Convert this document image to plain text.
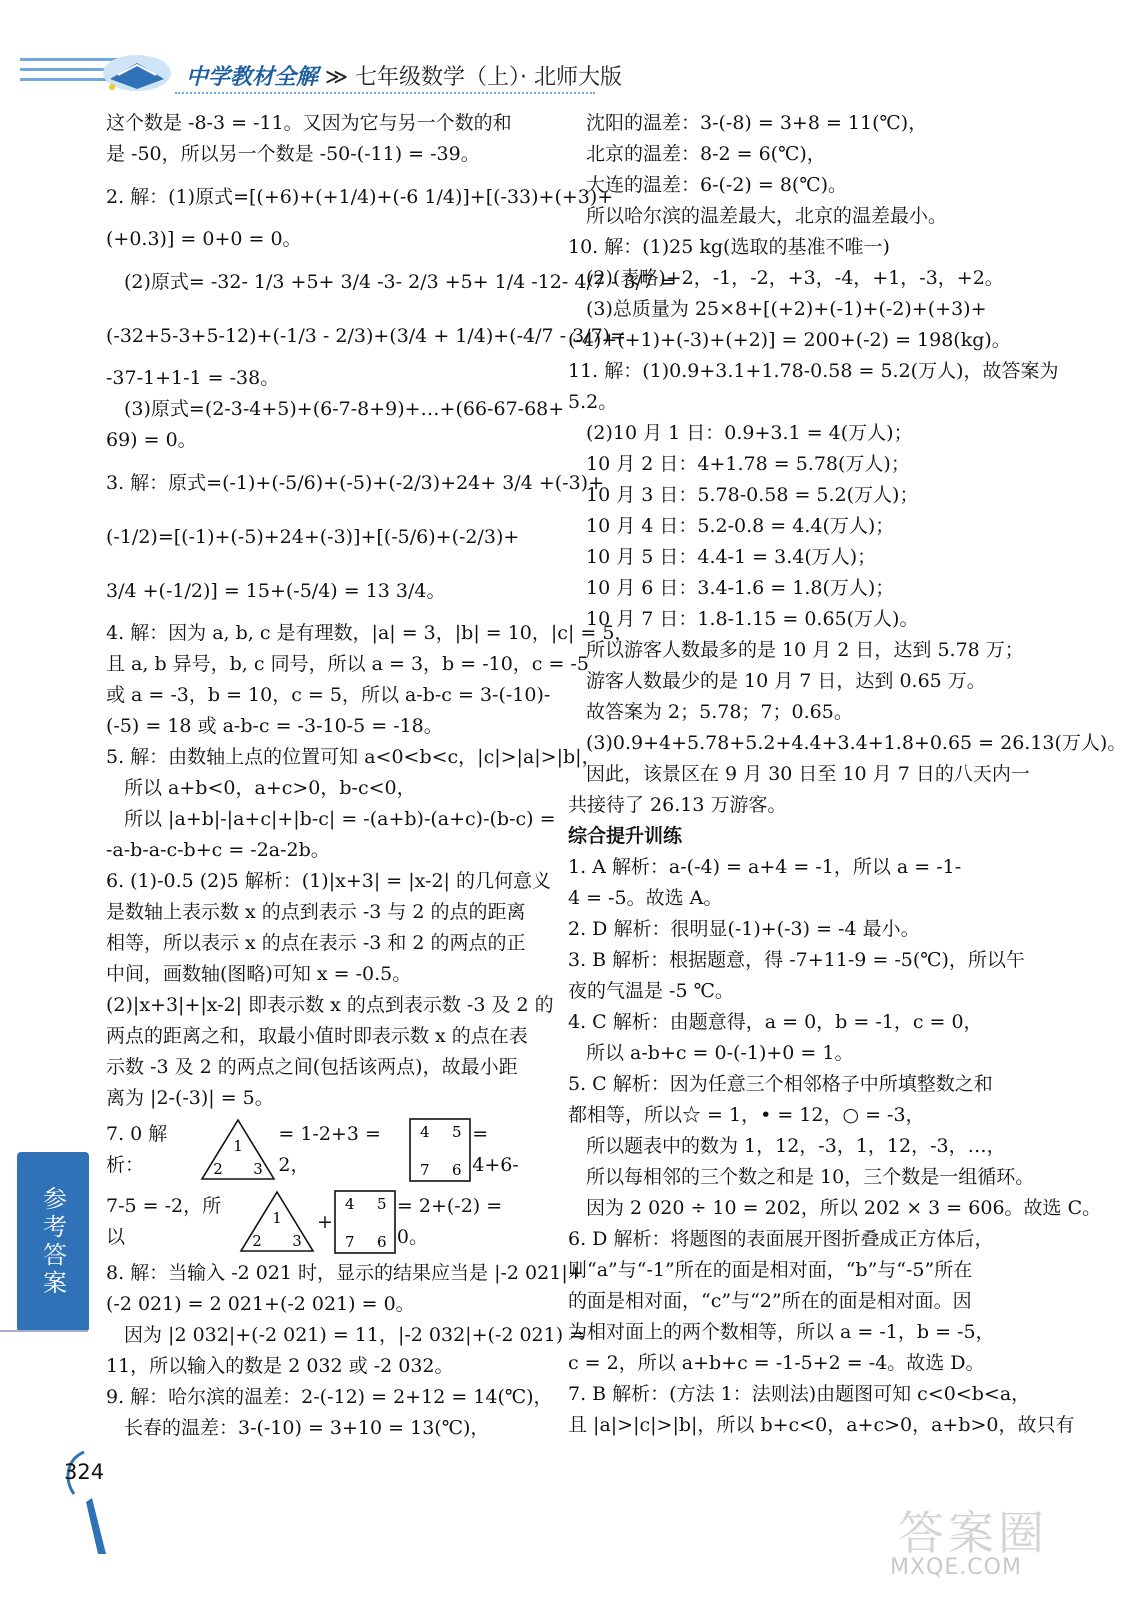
中学教材全解 ≫ 七年级数学（上）· 北师大版
这个数是 -8-3 = -11。又因为它与另一个数的和
是 -50，所以另一个数是 -50-(-11) = -39。
2. 解：(1)原式=[(+6)+(+1/4)+(-6 1/4)]+[(-33)+(+3)+
(+0.3)] = 0+0 = 0。
(2)原式= -32- 1/3 +5+ 3/4 -3- 2/3 +5+ 1/4 -12- 4/7 - 3/7 =
(-32+5-3+5-12)+(-1/3 - 2/3)+(3/4 + 1/4)+(-4/7 - 3/7)=
-37-1+1-1 = -38。
(3)原式=(2-3-4+5)+(6-7-8+9)+…+(66-67-68+
69) = 0。
3. 解：原式=(-1)+(-5/6)+(-5)+(-2/3)+24+ 3/4 +(-3)+
(-1/2)=[(-1)+(-5)+24+(-3)]+[(-5/6)+(-2/3)+
3/4 +(-1/2)] = 15+(-5/4) = 13 3/4。
4. 解：因为 a, b, c 是有理数，|a| = 3，|b| = 10，|c| = 5，
且 a, b 异号，b, c 同号，所以 a = 3，b = -10，c = -5
或 a = -3，b = 10，c = 5，所以 a-b-c = 3-(-10)-
(-5) = 18 或 a-b-c = -3-10-5 = -18。
5. 解：由数轴上点的位置可知 a<0<b<c，|c|>|a|>|b|，
所以 a+b<0，a+c>0，b-c<0，
所以 |a+b|-|a+c|+|b-c| = -(a+b)-(a+c)-(b-c) =
-a-b-a-c-b+c = -2a-2b。
6. (1)-0.5 (2)5 解析：(1)|x+3| = |x-2| 的几何意义
是数轴上表示数 x 的点到表示 -3 与 2 的点的距离
相等，所以表示 x 的点在表示 -3 和 2 的两点的正
中间，画数轴(图略)可知 x = -0.5。
(2)|x+3|+|x-2| 即表示数 x 的点到表示数 -3 及 2 的
两点的距离之和，取最小值时即表示数 x 的点在表
示数 -3 及 2 的两点之间(包括该两点)，故最小距
离为 |2-(-3)| = 5。
7. 0 解析：
1
2 3
= 1-2+3 = 2，
4 5
7 6
= 4+6-
7-5 = -2，所以
1
2 3
+
4 5
7 6
= 2+(-2) = 0。
8. 解：当输入 -2 021 时，显示的结果应当是 |-2 021|+
(-2 021) = 2 021+(-2 021) = 0。
因为 |2 032|+(-2 021) = 11，|-2 032|+(-2 021) =
11，所以输入的数是 2 032 或 -2 032。
9. 解：哈尔滨的温差：2-(-12) = 2+12 = 14(℃)，
长春的温差：3-(-10) = 3+10 = 13(℃)，
沈阳的温差：3-(-8) = 3+8 = 11(℃)，
北京的温差：8-2 = 6(℃)，
大连的温差：6-(-2) = 8(℃)。
所以哈尔滨的温差最大，北京的温差最小。
10. 解：(1)25 kg(选取的基准不唯一)
(2)(表略)+2，-1，-2，+3，-4，+1，-3，+2。
(3)总质量为 25×8+[(+2)+(-1)+(-2)+(+3)+
(-4)+(+1)+(-3)+(+2)] = 200+(-2) = 198(kg)。
11. 解：(1)0.9+3.1+1.78-0.58 = 5.2(万人)，故答案为
5.2。
(2)10 月 1 日：0.9+3.1 = 4(万人)；
10 月 2 日：4+1.78 = 5.78(万人)；
10 月 3 日：5.78-0.58 = 5.2(万人)；
10 月 4 日：5.2-0.8 = 4.4(万人)；
10 月 5 日：4.4-1 = 3.4(万人)；
10 月 6 日：3.4-1.6 = 1.8(万人)；
10 月 7 日：1.8-1.15 = 0.65(万人)。
所以游客人数最多的是 10 月 2 日，达到 5.78 万；
游客人数最少的是 10 月 7 日，达到 0.65 万。
故答案为 2；5.78；7；0.65。
(3)0.9+4+5.78+5.2+4.4+3.4+1.8+0.65 = 26.13(万人)。
因此，该景区在 9 月 30 日至 10 月 7 日的八天内一
共接待了 26.13 万游客。
综合提升训练
1. A 解析：a-(-4) = a+4 = -1，所以 a = -1-
4 = -5。故选 A。
2. D 解析：很明显(-1)+(-3) = -4 最小。
3. B 解析：根据题意，得 -7+11-9 = -5(℃)，所以午
夜的气温是 -5 ℃。
4. C 解析：由题意得，a = 0，b = -1，c = 0，
所以 a-b+c = 0-(-1)+0 = 1。
5. C 解析：因为任意三个相邻格子中所填整数之和
都相等，所以☆ = 1，• = 12，○ = -3，
所以题表中的数为 1，12，-3，1，12，-3，…，
所以每相邻的三个数之和是 10，三个数是一组循环。
因为 2 020 ÷ 10 = 202，所以 202 × 3 = 606。故选 C。
6. D 解析：将题图的表面展开图折叠成正方体后，
则“a”与“-1”所在的面是相对面，“b”与“-5”所在
的面是相对面，“c”与“2”所在的面是相对面。因
为相对面上的两个数相等，所以 a = -1，b = -5，
c = 2，所以 a+b+c = -1-5+2 = -4。故选 D。
7. B 解析：(方法 1：法则法)由题图可知 c<0<b<a，
且 |a|>|c|>|b|，所以 b+c<0，a+c>0，a+b>0，故只有
参考答案
324
答案圈
MXQE.COM
